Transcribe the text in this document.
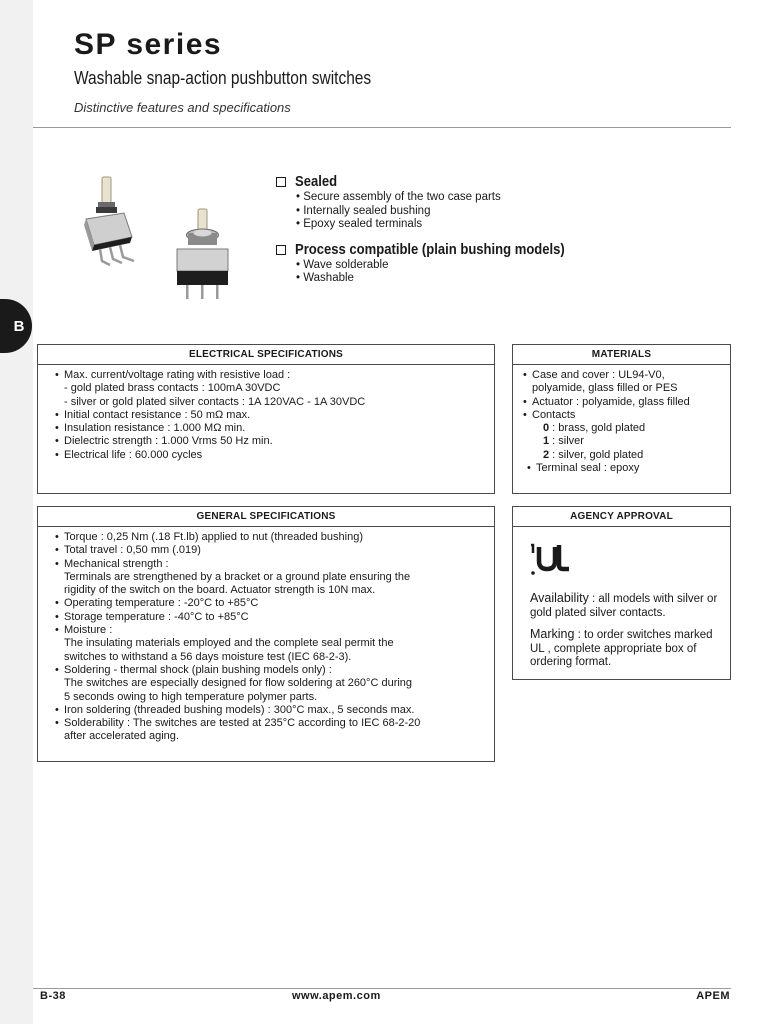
B
SP series
Washable snap-action pushbutton switches
Distinctive features and specifications
Sealed
• Secure assembly of the two case parts
• Internally sealed bushing
• Epoxy sealed terminals
Process compatible (plain bushing models)
• Wave solderable
• Washable
ELECTRICAL SPECIFICATIONS
• Max. current/voltage rating with resistive load :
- gold plated brass contacts : 100mA 30VDC
- silver or gold plated silver contacts : 1A 120VAC - 1A 30VDC
• Initial contact resistance : 50 mΩ max.
• Insulation resistance : 1.000 MΩ min.
• Dielectric strength : 1.000 Vrms 50 Hz min.
• Electrical life : 60.000 cycles
MATERIALS
• Case and cover : UL94-V0,
polyamide, glass filled or PES
• Actuator : polyamide, glass filled
• Contacts
0 : brass, gold plated
1 : silver
2 : silver, gold plated
• Terminal seal : epoxy
GENERAL SPECIFICATIONS
• Torque : 0,25 Nm (.18 Ft.lb) applied to nut (threaded bushing)
• Total travel : 0,50 mm (.019)
• Mechanical strength :
Terminals are strengthened by a bracket or a ground plate ensuring the
rigidity of the switch on the board. Actuator strength is 10N max.
• Operating temperature : -20°C to +85°C
• Storage temperature : -40°C to +85°C
• Moisture :
The insulating materials employed and the complete seal permit the
switches to withstand a 56 days moisture test (IEC 68-2-3).
• Soldering - thermal shock (plain bushing models only) :
The switches are especially designed for flow soldering at 260°C during
5 seconds owing to high temperature polymer parts.
• Iron soldering (threaded bushing models) : 300°C max., 5 seconds max.
• Solderability : The switches are tested at 235°C according to IEC 68-2-20
after accelerated aging.
AGENCY APPROVAL

Availability : all models with silver or gold plated silver contacts.

Marking : to order switches marked UL , complete appropriate box of ordering format.

B-38	www.apem.com	APEM
